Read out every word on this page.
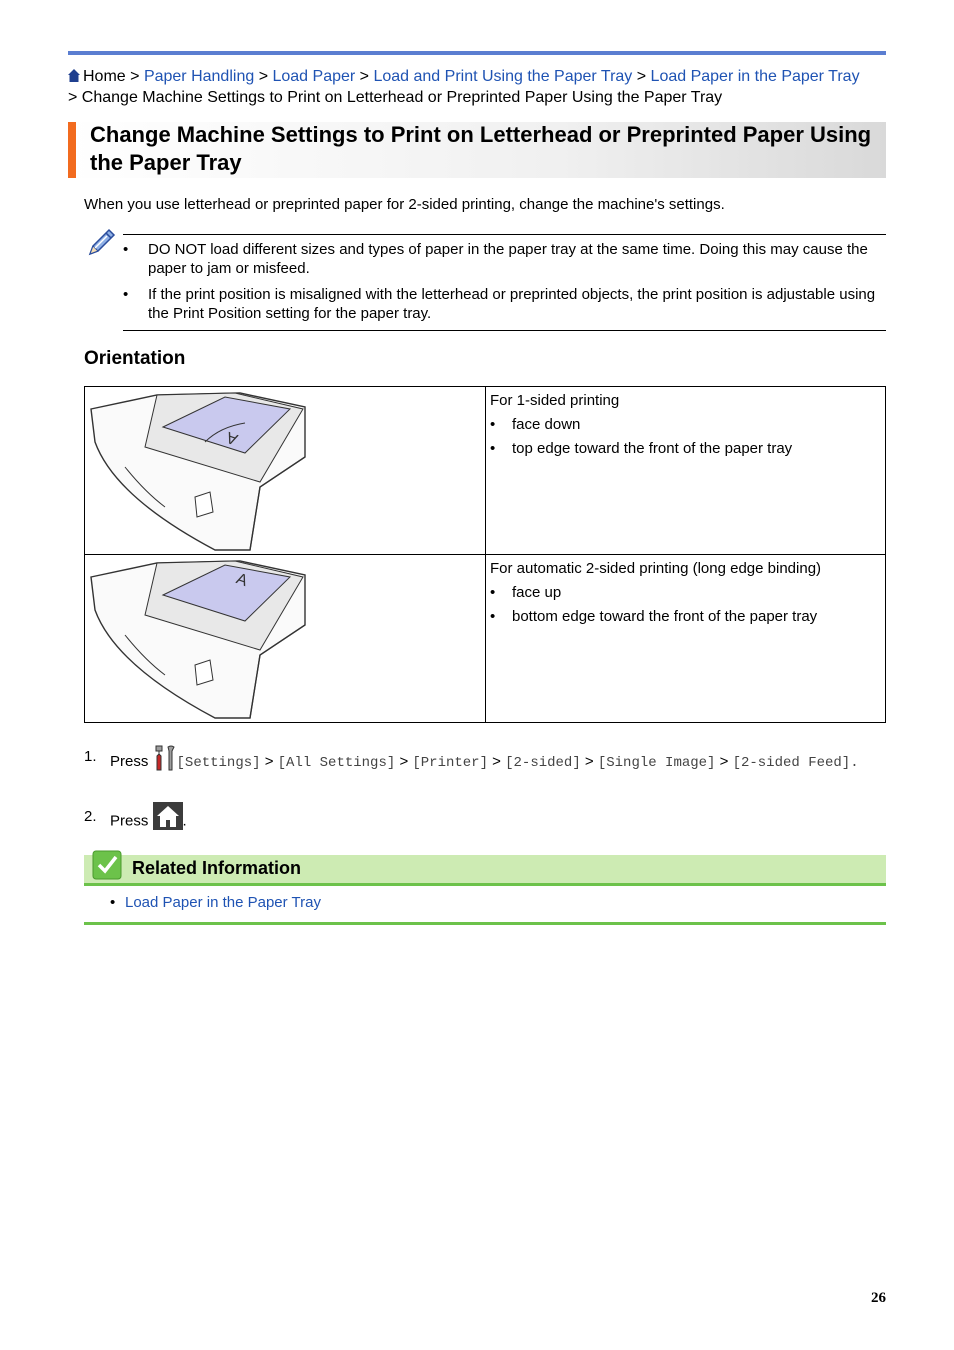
Home > Paper Handling > Load Paper > Load and Print Using the Paper Tray > Load Paper in the Paper Tray > Change Machine Settings to Print on Letterhead or Preprinted Paper Using the Paper Tray
Change Machine Settings to Print on Letterhead or Preprinted Paper Using the Paper Tray
When you use letterhead or preprinted paper for 2-sided printing, change the machine's settings.
• DO NOT load different sizes and types of paper in the paper tray at the same time. Doing this may cause the paper to jam or misfeed.
• If the print position is misaligned with the letterhead or preprinted objects, the print position is adjustable using the Print Position setting for the paper tray.
Orientation
A
For 1-sided printing
• face down
• top edge toward the front of the paper tray
A
For automatic 2-sided printing (long edge binding)
• face up
• bottom edge toward the front of the paper tray
1. Press [Settings] > [All Settings] > [Printer] > [2-sided] > [Single Image] > [2-sided Feed].
2. Press .
Related Information
• Load Paper in the Paper Tray
26
